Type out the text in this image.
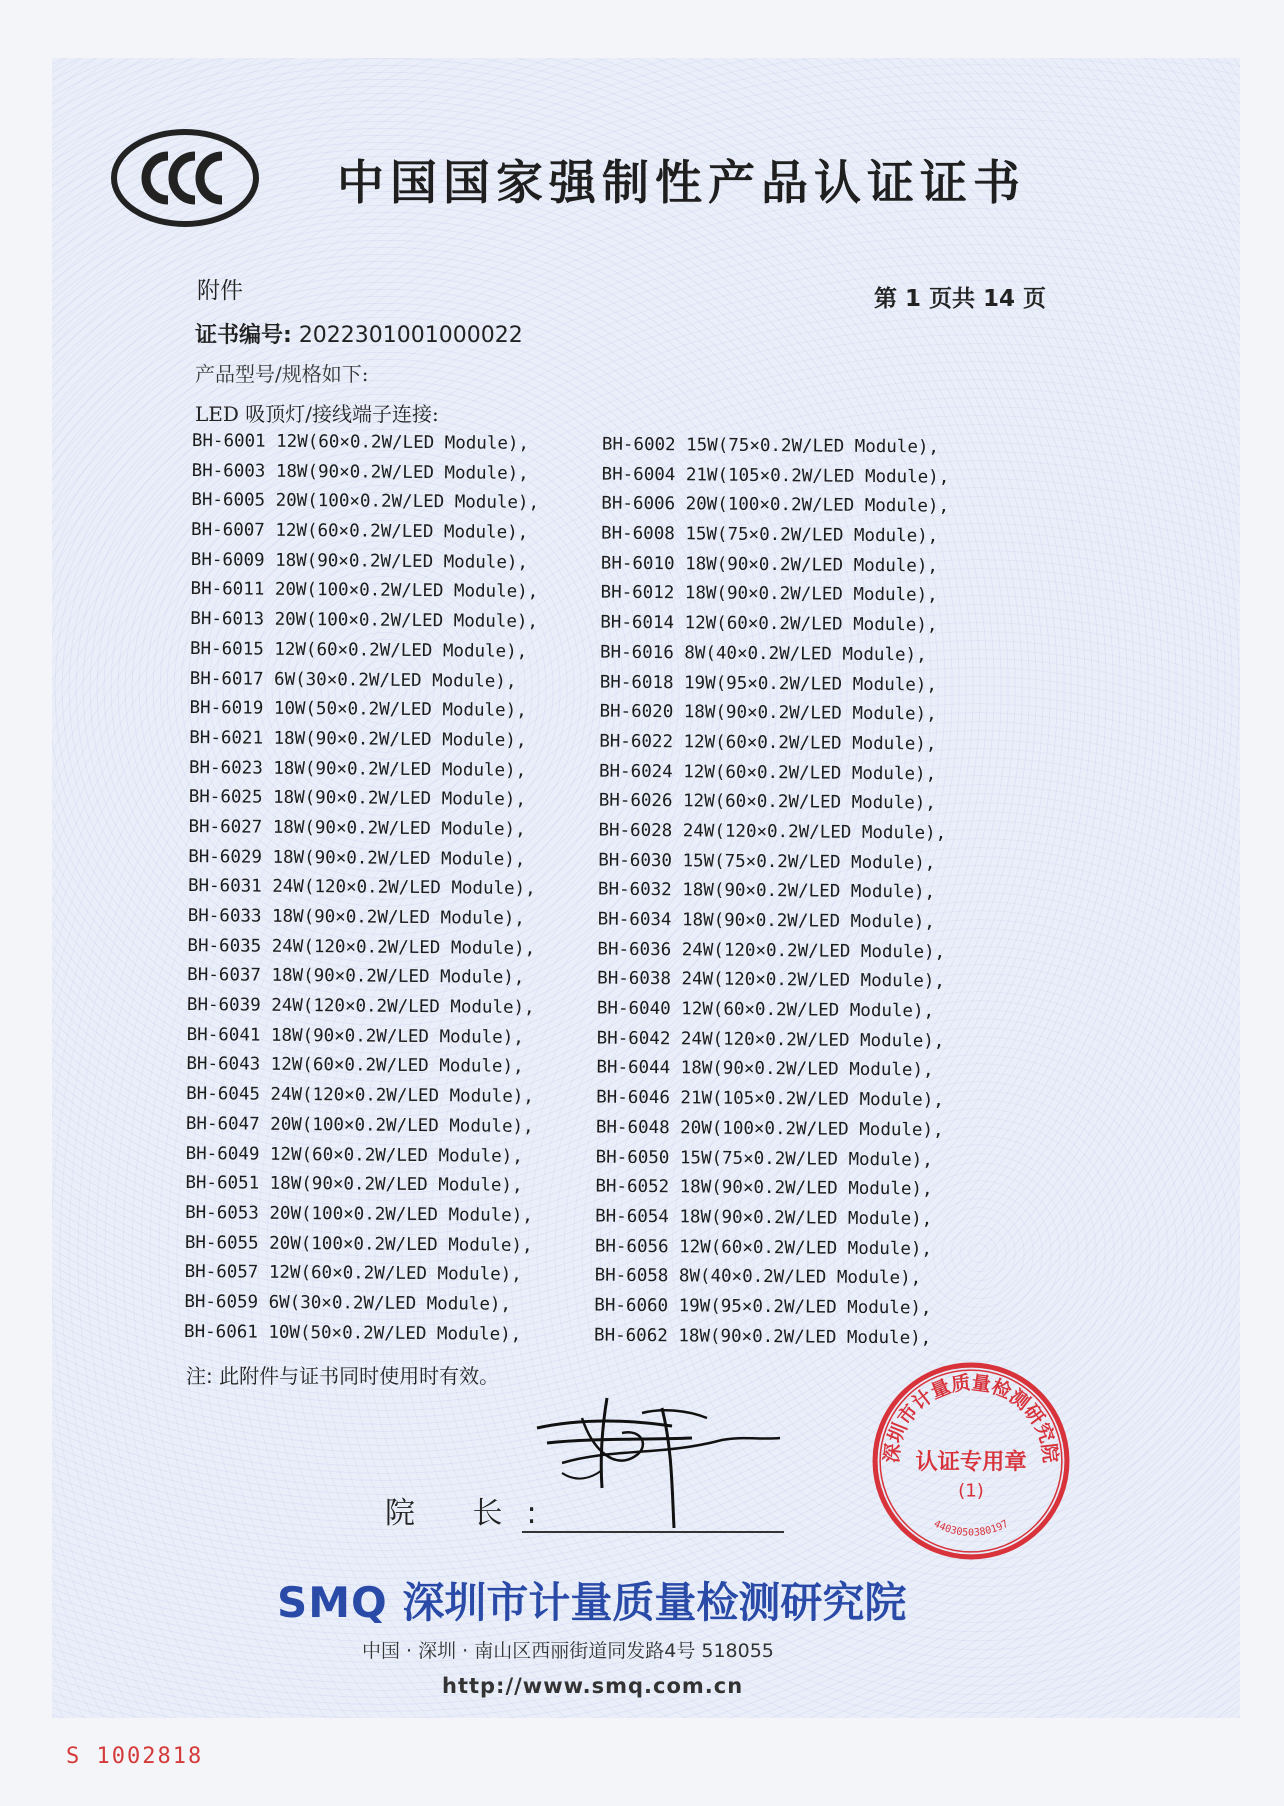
中国国家强制性产品认证证书
附件	第 1 页共 14 页
证书编号: 2022301001000022
产品型号/规格如下:
LED 吸顶灯/接线端子连接:
BH-6001 12W(60×0.2W/LED Module),	BH-6002 15W(75×0.2W/LED Module),
BH-6003 18W(90×0.2W/LED Module),	BH-6004 21W(105×0.2W/LED Module),
BH-6005 20W(100×0.2W/LED Module),	BH-6006 20W(100×0.2W/LED Module),
BH-6007 12W(60×0.2W/LED Module),	BH-6008 15W(75×0.2W/LED Module),
BH-6009 18W(90×0.2W/LED Module),	BH-6010 18W(90×0.2W/LED Module),
BH-6011 20W(100×0.2W/LED Module),	BH-6012 18W(90×0.2W/LED Module),
BH-6013 20W(100×0.2W/LED Module),	BH-6014 12W(60×0.2W/LED Module),
BH-6015 12W(60×0.2W/LED Module),	BH-6016 8W(40×0.2W/LED Module),
BH-6017 6W(30×0.2W/LED Module),	BH-6018 19W(95×0.2W/LED Module),
BH-6019 10W(50×0.2W/LED Module),	BH-6020 18W(90×0.2W/LED Module),
BH-6021 18W(90×0.2W/LED Module),	BH-6022 12W(60×0.2W/LED Module),
BH-6023 18W(90×0.2W/LED Module),	BH-6024 12W(60×0.2W/LED Module),
BH-6025 18W(90×0.2W/LED Module),	BH-6026 12W(60×0.2W/LED Module),
BH-6027 18W(90×0.2W/LED Module),	BH-6028 24W(120×0.2W/LED Module),
BH-6029 18W(90×0.2W/LED Module),	BH-6030 15W(75×0.2W/LED Module),
BH-6031 24W(120×0.2W/LED Module),	BH-6032 18W(90×0.2W/LED Module),
BH-6033 18W(90×0.2W/LED Module),	BH-6034 18W(90×0.2W/LED Module),
BH-6035 24W(120×0.2W/LED Module),	BH-6036 24W(120×0.2W/LED Module),
BH-6037 18W(90×0.2W/LED Module),	BH-6038 24W(120×0.2W/LED Module),
BH-6039 24W(120×0.2W/LED Module),	BH-6040 12W(60×0.2W/LED Module),
BH-6041 18W(90×0.2W/LED Module),	BH-6042 24W(120×0.2W/LED Module),
BH-6043 12W(60×0.2W/LED Module),	BH-6044 18W(90×0.2W/LED Module),
BH-6045 24W(120×0.2W/LED Module),	BH-6046 21W(105×0.2W/LED Module),
BH-6047 20W(100×0.2W/LED Module),	BH-6048 20W(100×0.2W/LED Module),
BH-6049 12W(60×0.2W/LED Module),	BH-6050 15W(75×0.2W/LED Module),
BH-6051 18W(90×0.2W/LED Module),	BH-6052 18W(90×0.2W/LED Module),
BH-6053 20W(100×0.2W/LED Module),	BH-6054 18W(90×0.2W/LED Module),
BH-6055 20W(100×0.2W/LED Module),	BH-6056 12W(60×0.2W/LED Module),
BH-6057 12W(60×0.2W/LED Module),	BH-6058 8W(40×0.2W/LED Module),
BH-6059 6W(30×0.2W/LED Module),	BH-6060 19W(95×0.2W/LED Module),
BH-6061 10W(50×0.2W/LED Module),	BH-6062 18W(90×0.2W/LED Module),
注: 此附件与证书同时使用时有效。
院 长:
深圳市计量质量检测研究院
认证专用章
(1)
4403050380197
SMQ 深圳市计量质量检测研究院
中国 · 深圳 · 南山区西丽街道同发路4号 518055
http://www.smq.com.cn
S 1002818
